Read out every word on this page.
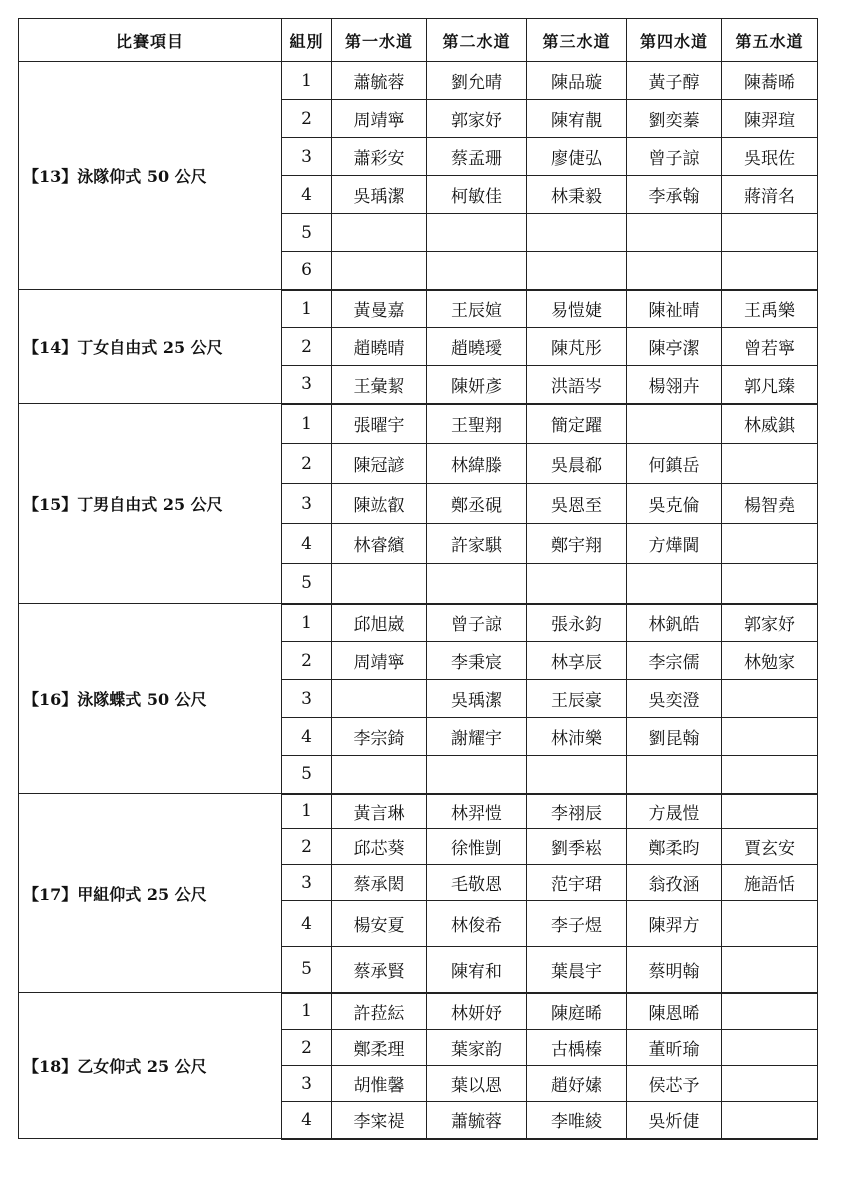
比賽項目	組別	第一水道	第二水道	第三水道	第四水道	第五水道
【13】泳隊仰式 50 公尺	1	蕭毓蓉	劉允晴	陳品璇	黃子醇	陳蕎晞
	2	周靖寧	郭家妤	陳宥靚	劉奕蓁	陳羿瑄
	3	蕭彩安	蔡孟珊	廖倢弘	曾子諒	吳珉佐
	4	吳瑀潔	柯敏佳	林秉毅	李承翰	蔣湇名
	5					
	6					
【14】丁女自由式 25 公尺	1	黃曼嘉	王辰媗	易愷婕	陳祉晴	王禹樂
	2	趙曉晴	趙曉璦	陳芃彤	陳亭潔	曾若寧
	3	王彙絜	陳妍彥	洪語岑	楊翎卉	郭凡臻
【15】丁男自由式 25 公尺	1	張曜宇	王聖翔	簡定躍		林威錤
	2	陳冠諺	林緯滕	吳晨郗	何鎮岳	
	3	陳竑叡	鄭丞硯	吳恩至	吳克倫	楊智堯
	4	林睿繽	許家騏	鄭宇翔	方燁閫	
	5					
【16】泳隊蝶式 50 公尺	1	邱旭崴	曾子諒	張永鈞	林釩皓	郭家妤
	2	周靖寧	李秉宸	林享辰	李宗儒	林勉家
	3		吳瑀潔	王辰豪	吳奕澄	
	4	李宗錡	謝耀宇	林沛樂	劉昆翰	
	5					
【17】甲組仰式 25 公尺	1	黃言琳	林羿愷	李祤辰	方晟愷	
	2	邱芯葵	徐惟剴	劉季崧	鄭柔昀	賈玄安
	3	蔡承閎	毛敬恩	范宇珺	翁孜涵	施語恬
	4	楊安夏	林俊希	李子煜	陳羿方	
	5	蔡承賢	陳宥和	葉晨宇	蔡明翰	
【18】乙女仰式 25 公尺	1	許菈紜	林妍妤	陳庭晞	陳恩晞	
	2	鄭柔理	葉家韵	古楀榛	董昕瑜	
	3	胡惟馨	葉以恩	趙妤嫊	侯芯予	
	4	李寀禔	蕭毓蓉	李唯綾	吳炘倢	
